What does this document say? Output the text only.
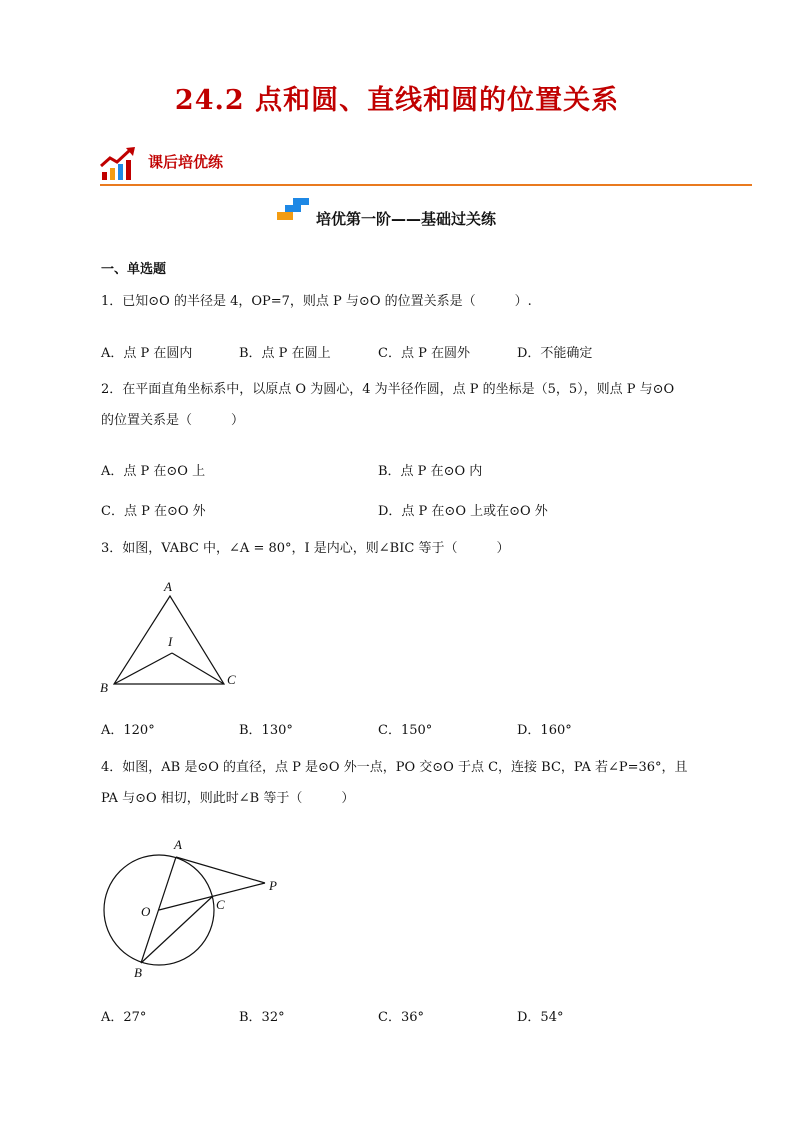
24.2 点和圆、直线和圆的位置关系
课后培优练
培优第一阶——基础过关练
一、单选题
1．已知⊙O 的半径是 4，OP=7，则点 P 与⊙O 的位置关系是（　　　）.
A．点 P 在圆内	B．点 P 在圆上	C．点 P 在圆外	D．不能确定
2．在平面直角坐标系中，以原点 O 为圆心，4 为半径作圆，点 P 的坐标是（5，5），则点 P 与⊙O
的位置关系是（　　　）
A．点 P 在⊙O 上	B．点 P 在⊙O 内
C．点 P 在⊙O 外	D．点 P 在⊙O 上或在⊙O 外
3．如图，VABC 中，∠A = 80°，I 是内心，则∠BIC 等于（　　　）
A
I
B
C
A．120°	B．130°	C．150°	D．160°
4．如图，AB 是⊙O 的直径，点 P 是⊙O 外一点，PO 交⊙O 于点 C，连接 BC，PA 若∠P=36°，且
PA 与⊙O 相切，则此时∠B 等于（　　　）
A
P
O	C
B
A．27°	B．32°	C．36°	D．54°
